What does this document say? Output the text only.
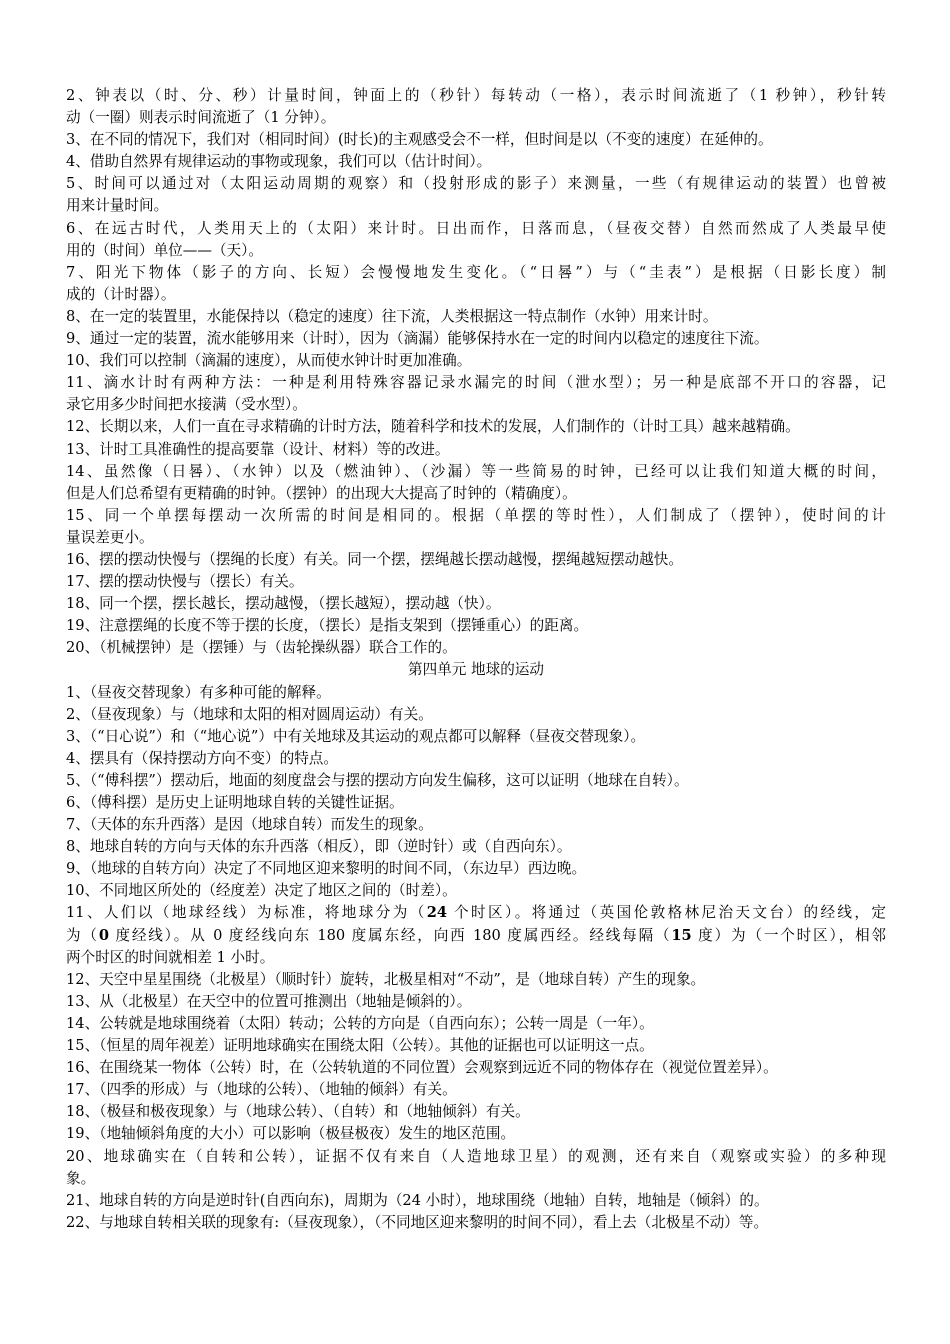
2、钟表以（时、分、秒）计量时间，钟面上的（秒针）每转动（一格），表示时间流逝了（1 秒钟），秒针转
动（一圈）则表示时间流逝了（1 分钟）。
3、在不同的情况下，我们对（相同时间）(时长)的主观感受会不一样，但时间是以（不变的速度）在延伸的。
4、借助自然界有规律运动的事物或现象，我们可以（估计时间）。
5、时间可以通过对（太阳运动周期的观察）和（投射形成的影子）来测量，一些（有规律运动的装置）也曾被
用来计量时间。
6、在远古时代，人类用天上的（太阳）来计时。日出而作，日落而息，（昼夜交替）自然而然成了人类最早使
用的（时间）单位——（天）。
7、阳光下物体（影子的方向、长短）会慢慢地发生变化。（“日晷”）与（“圭表”）是根据（日影长度）制
成的（计时器）。
8、在一定的装置里，水能保持以（稳定的速度）往下流，人类根据这一特点制作（水钟）用来计时。
9、通过一定的装置，流水能够用来（计时），因为（滴漏）能够保持水在一定的时间内以稳定的速度往下流。
10、我们可以控制（滴漏的速度），从而使水钟计时更加准确。
11、滴水计时有两种方法：一种是利用特殊容器记录水漏完的时间（泄水型）；另一种是底部不开口的容器，记
录它用多少时间把水接满（受水型）。
12、长期以来，人们一直在寻求精确的计时方法，随着科学和技术的发展，人们制作的（计时工具）越来越精确。
13、计时工具准确性的提高要靠（设计、材料）等的改进。
14、虽然像（日晷）、（水钟）以及（燃油钟）、（沙漏）等一些简易的时钟，已经可以让我们知道大概的时间，
但是人们总希望有更精确的时钟。（摆钟）的出现大大提高了时钟的（精确度）。
15、同一个单摆每摆动一次所需的时间是相同的。根据（单摆的等时性），人们制成了（摆钟），使时间的计
量误差更小。
16、摆的摆动快慢与（摆绳的长度）有关。同一个摆，摆绳越长摆动越慢，摆绳越短摆动越快。
17、摆的摆动快慢与（摆长）有关。
18、同一个摆，摆长越长，摆动越慢，（摆长越短），摆动越（快）。
19、注意摆绳的长度不等于摆的长度，（摆长）是指支架到（摆锤重心）的距离。
20、（机械摆钟）是（摆锤）与（齿轮操纵器）联合工作的。
第四单元 地球的运动
1、（昼夜交替现象）有多种可能的解释。
2、（昼夜现象）与（地球和太阳的相对圆周运动）有关。
3、（“日心说”）和（“地心说”）中有关地球及其运动的观点都可以解释（昼夜交替现象）。
4、摆具有（保持摆动方向不变）的特点。
5、（“傅科摆”）摆动后，地面的刻度盘会与摆的摆动方向发生偏移，这可以证明（地球在自转）。
6、（傅科摆）是历史上证明地球自转的关键性证据。
7、（天体的东升西落）是因（地球自转）而发生的现象。
8、地球自转的方向与天体的东升西落（相反），即（逆时针）或（自西向东）。
9、（地球的自转方向）决定了不同地区迎来黎明的时间不同，（东边早）西边晚。
10、不同地区所处的（经度差）决定了地区之间的（时差）。
11、人们以（地球经线）为标准，将地球分为（24 个时区）。将通过（英国伦敦格林尼治天文台）的经线，定
为（0 度经线）。从 0 度经线向东 180 度属东经，向西 180 度属西经。经线每隔（15 度）为（一个时区），相邻
两个时区的时间就相差 1 小时。
12、天空中星星围绕（北极星）（顺时针）旋转，北极星相对“不动”，是（地球自转）产生的现象。
13、从（北极星）在天空中的位置可推测出（地轴是倾斜的）。
14、公转就是地球围绕着（太阳）转动；公转的方向是（自西向东）；公转一周是（一年）。
15、（恒星的周年视差）证明地球确实在围绕太阳（公转）。其他的证据也可以证明这一点。
16、在围绕某一物体（公转）时，在（公转轨道的不同位置）会观察到远近不同的物体存在（视觉位置差异）。
17、（四季的形成）与（地球的公转）、（地轴的倾斜）有关。
18、（极昼和极夜现象）与（地球公转）、（自转）和（地轴倾斜）有关。
19、（地轴倾斜角度的大小）可以影响（极昼极夜）发生的地区范围。
20、地球确实在（自转和公转），证据不仅有来自（人造地球卫星）的观测，还有来自（观察或实验）的多种现
象。
21、地球自转的方向是逆时针(自西向东)，周期为（24 小时），地球围绕（地轴）自转，地轴是（倾斜）的。
22、与地球自转相关联的现象有:（昼夜现象），（不同地区迎来黎明的时间不同），看上去（北极星不动）等。
